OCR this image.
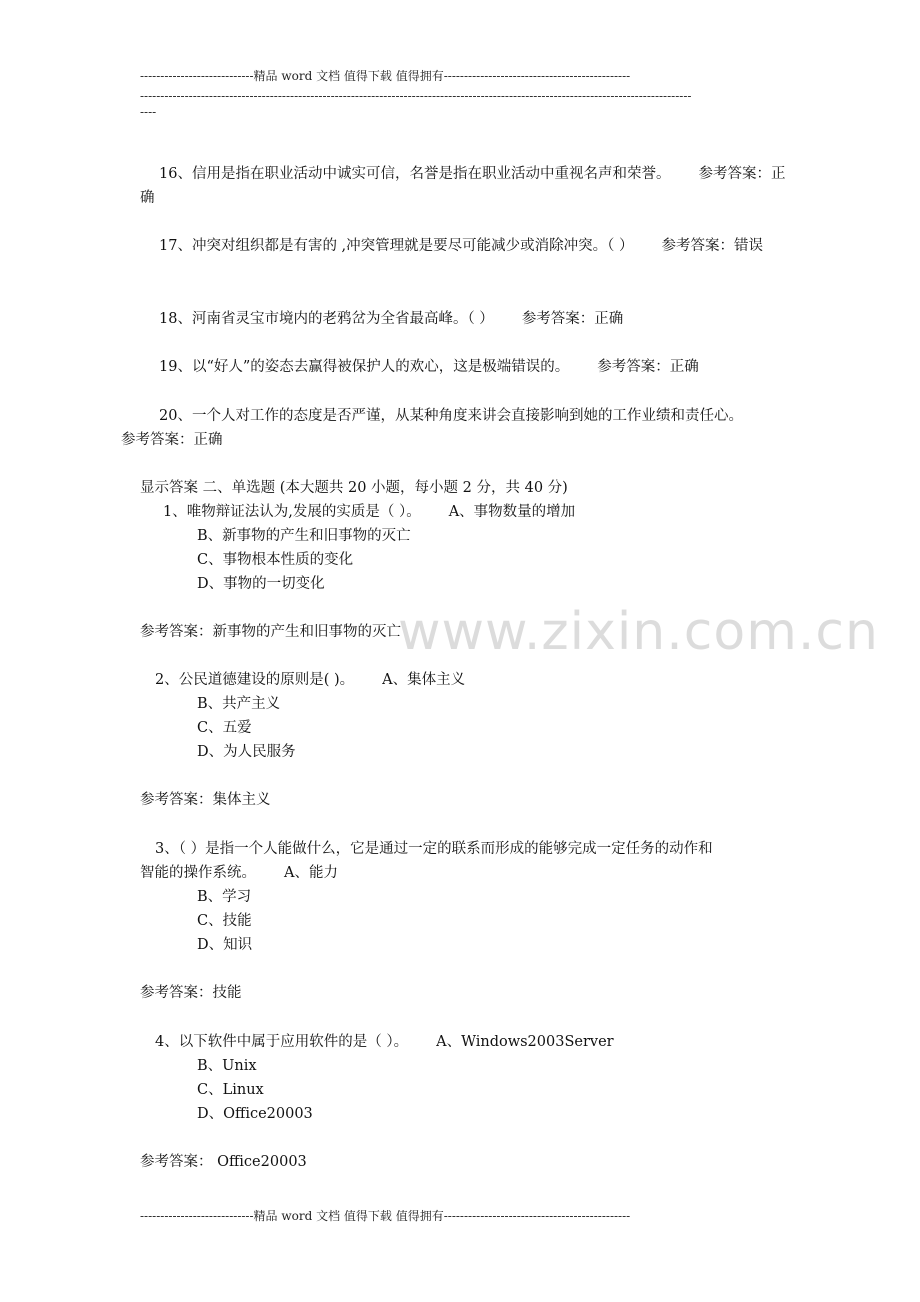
----------------------------精品 word 文档 值得下载 值得拥有----------------------------------------------
----------------------------------------------------------------------------------------------------------------------------------------
----
16、信用是指在职业活动中诚实可信，名誉是指在职业活动中重视名声和荣誉。 参考答案：正确
17、冲突对组织都是有害的 ,冲突管理就是要尽可能减少或消除冲突。（ ） 参考答案：错误
18、河南省灵宝市境内的老鸦岔为全省最高峰。（ ） 参考答案：正确
19、以“好人”的姿态去赢得被保护人的欢心，这是极端错误的。 参考答案：正确
20、一个人对工作的态度是否严谨，从某种角度来讲会直接影响到她的工作业绩和责任心。
参考答案：正确
显示答案 二、单选题 (本大题共 20 小题，每小题 2 分，共 40 分)
1、唯物辩证法认为,发展的实质是（ ）。 A、事物数量的增加
B、新事物的产生和旧事物的灭亡
C、事物根本性质的变化
D、事物的一切变化
参考答案：新事物的产生和旧事物的灭亡
2、公民道德建设的原则是( )。 A、集体主义
B、共产主义
C、五爱
D、为人民服务
参考答案：集体主义
3、（ ）是指一个人能做什么，它是通过一定的联系而形成的能够完成一定任务的动作和
智能的操作系统。 A、能力
B、学习
C、技能
D、知识
参考答案：技能
4、以下软件中属于应用软件的是（ ）。 A、Windows2003Server
B、Unix
C、Linux
D、Office20003
参考答案： Office20003
www.zixin.com.cn
----------------------------精品 word 文档 值得下载 值得拥有----------------------------------------------
